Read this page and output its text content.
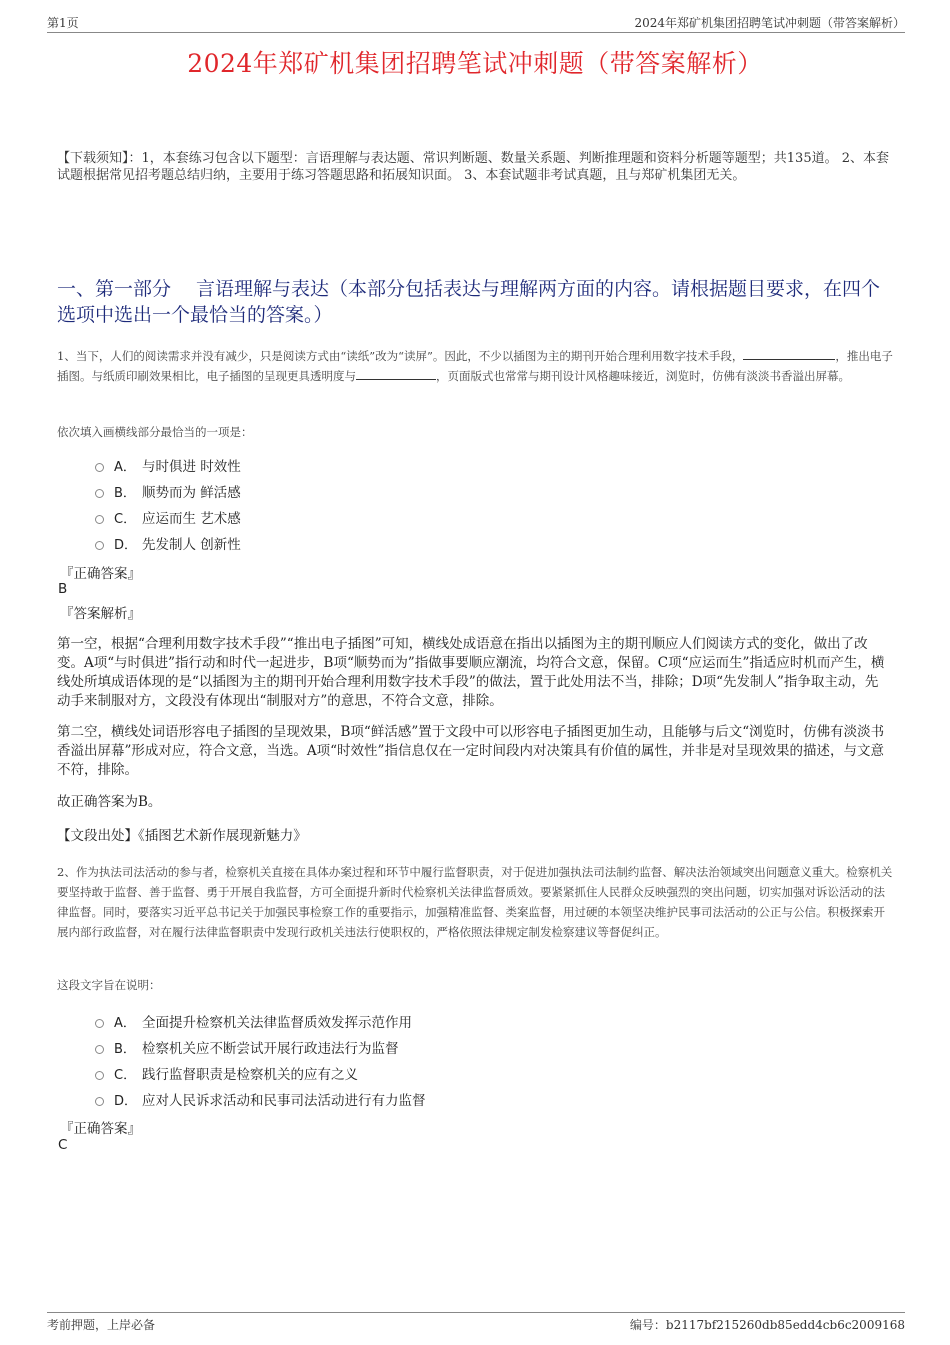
第1页	2024年郑矿机集团招聘笔试冲刺题（带答案解析）
2024年郑矿机集团招聘笔试冲刺题（带答案解析）
【下载须知】：1，本套练习包含以下题型：言语理解与表达题、常识判断题、数量关系题、判断推理题和资料分析题等题型；共135道。 2、本套试题根据常见招考题总结归纳，主要用于练习答题思路和拓展知识面。 3、本套试题非考试真题，且与郑矿机集团无关。
一、第一部分　 言语理解与表达（本部分包括表达与理解两方面的内容。请根据题目要求，在四个选项中选出一个最恰当的答案。）
1、当下，人们的阅读需求并没有减少，只是阅读方式由“读纸”改为“读屏”。因此，不少以插图为主的期刊开始合理利用数字技术手段，	，推出电子插图。与纸质印刷效果相比，电子插图的呈现更具透明度与	，页面版式也常常与期刊设计风格趣味接近，浏览时，仿佛有淡淡书香溢出屏幕。
依次填入画横线部分最恰当的一项是：
A． 与时俱进 时效性
B． 顺势而为 鲜活感
C． 应运而生 艺术感
D． 先发制人 创新性
『正确答案』
B
『答案解析』
第一空，根据“合理利用数字技术手段”“推出电子插图”可知，横线处成语意在指出以插图为主的期刊顺应人们阅读方式的变化，做出了改变。A项“与时俱进”指行动和时代一起进步，B项“顺势而为”指做事要顺应潮流，均符合文意，保留。C项“应运而生”指适应时机而产生，横线处所填成语体现的是“以插图为主的期刊开始合理利用数字技术手段”的做法，置于此处用法不当，排除；D项“先发制人”指争取主动，先动手来制服对方，文段没有体现出“制服对方”的意思，不符合文意，排除。
第二空，横线处词语形容电子插图的呈现效果，B项“鲜活感”置于文段中可以形容电子插图更加生动，且能够与后文“浏览时，仿佛有淡淡书香溢出屏幕”形成对应，符合文意，当选。A项“时效性”指信息仅在一定时间段内对决策具有价值的属性，并非是对呈现效果的描述，与文意不符，排除。
故正确答案为B。
【文段出处】《插图艺术新作展现新魅力》
2、作为执法司法活动的参与者，检察机关直接在具体办案过程和环节中履行监督职责，对于促进加强执法司法制约监督、解决法治领域突出问题意义重大。检察机关要坚持敢于监督、善于监督、勇于开展自我监督，方可全面提升新时代检察机关法律监督质效。要紧紧抓住人民群众反映强烈的突出问题，切实加强对诉讼活动的法律监督。同时，要落实习近平总书记关于加强民事检察工作的重要指示，加强精准监督、类案监督，用过硬的本领坚决维护民事司法活动的公正与公信。积极探索开展内部行政监督，对在履行法律监督职责中发现行政机关违法行使职权的，严格依照法律规定制发检察建议等督促纠正。
这段文字旨在说明：
A． 全面提升检察机关法律监督质效发挥示范作用
B． 检察机关应不断尝试开展行政违法行为监督
C． 践行监督职责是检察机关的应有之义
D． 应对人民诉求活动和民事司法活动进行有力监督
『正确答案』
C
考前押题，上岸必备	编号：b2117bf215260db85edd4cb6c2009168
